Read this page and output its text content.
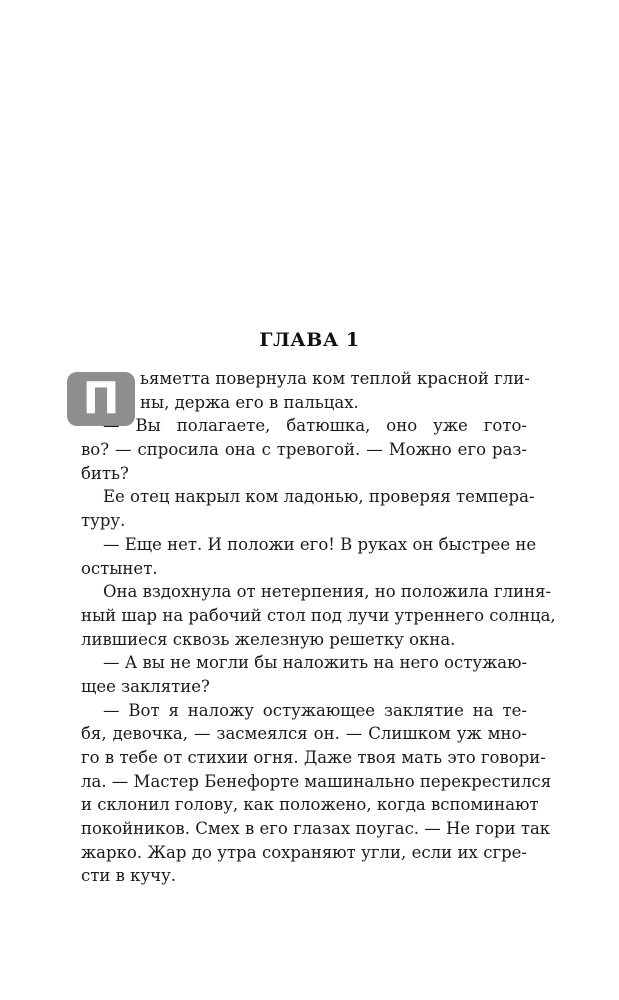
ГЛАВА 1
П	ьяметта повернула ком теплой красной гли-
ны, держа его в пальцах.
— Вы полагаете, батюшка, оно уже гото-
во? — спросила она с тревогой. — Можно его раз-
бить?
Ее отец накрыл ком ладонью, проверяя темпера-
туру.
— Еще нет. И положи его! В руках он быстрее не
остынет.
Она вздохнула от нетерпения, но положила глиня-
ный шар на рабочий стол под лучи утреннего солнца,
лившиеся сквозь железную решетку окна.
— А вы не могли бы наложить на него остужаю-
щее заклятие?
— Вот я наложу остужающее заклятие на те-
бя, девочка, — засмеялся он. — Слишком уж мно-
го в тебе от стихии огня. Даже твоя мать это говори-
ла. — Мастер Бенефорте машинально перекрестился
и склонил голову, как положено, когда вспоминают
покойников. Смех в его глазах поугас. — Не гори так
жарко. Жар до утра сохраняют угли, если их сгре-
сти в кучу.
